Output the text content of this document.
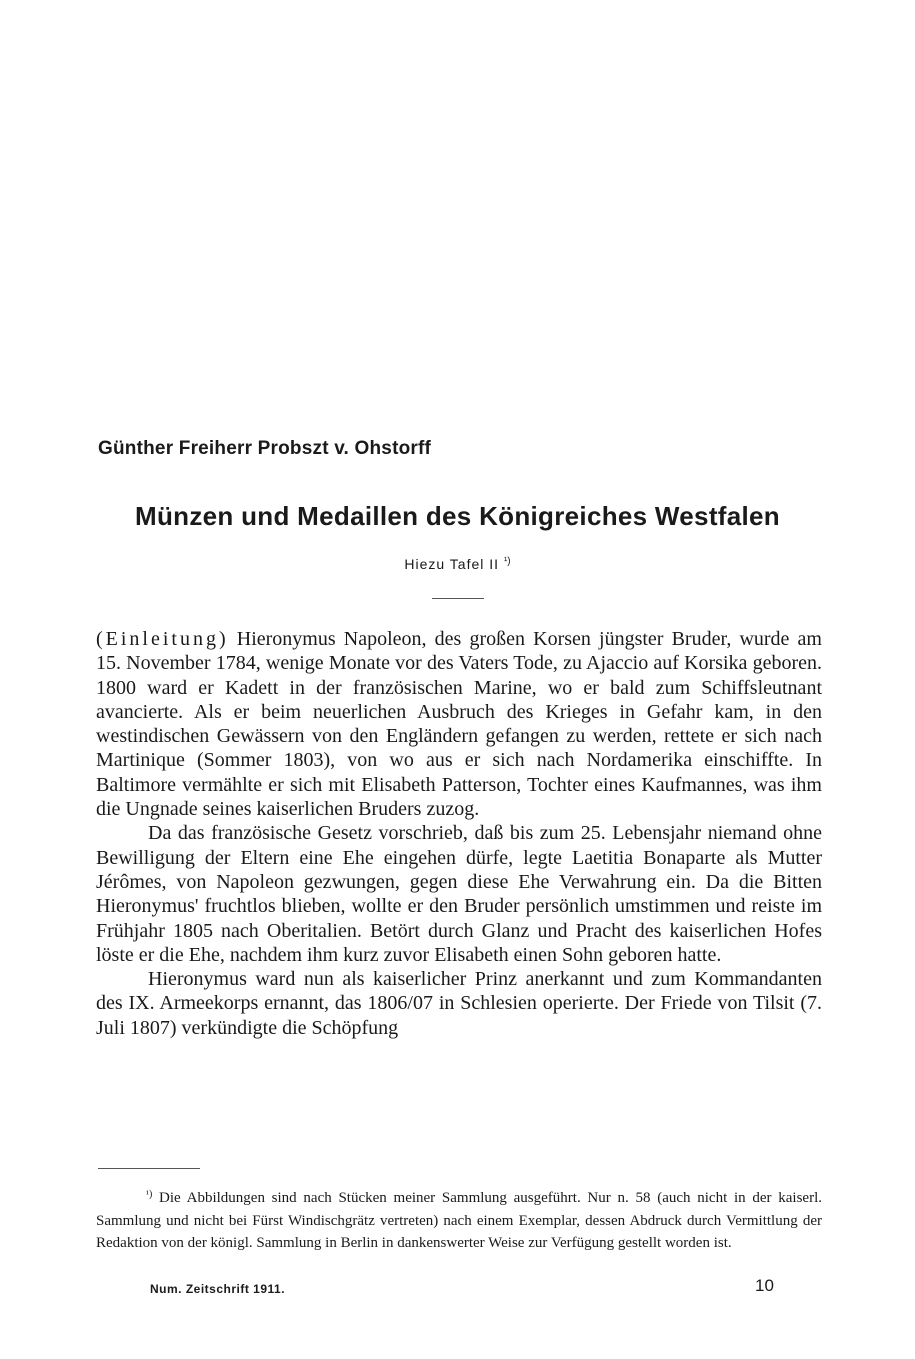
Günther Freiherr Probszt v. Ohstorff
Münzen und Medaillen des Königreiches Westfalen
Hiezu Tafel II $^{^1)}$

(Einleitung) Hieronymus Napoleon, des großen Korsen jüngster Bruder, wurde am 15. November 1784, wenige Monate vor des Vaters Tode, zu Ajaccio auf Korsika geboren. 1800 ward er Kadett in der französischen Marine, wo er bald zum Schiffsleutnant avancierte. Als er beim neuerlichen Ausbruch des Krieges in Gefahr kam, in den westindischen Gewässern von den Engländern gefangen zu werden, rettete er sich nach Martinique (Sommer 1803), von wo aus er sich nach Nordamerika einschiffte. In Baltimore vermählte er sich mit Elisabeth Patterson, Tochter eines Kaufmannes, was ihm die Ungnade seines kaiserlichen Bruders zuzog.

Da das französische Gesetz vorschrieb, daß bis zum 25. Lebensjahr niemand ohne Bewilligung der Eltern eine Ehe eingehen dürfe, legte Laetitia Bonaparte als Mutter Jérômes, von Napoleon gezwungen, gegen diese Ehe Verwahrung ein. Da die Bitten Hieronymus' fruchtlos blieben, wollte er den Bruder persönlich umstimmen und reiste im Frühjahr 1805 nach Oberitalien. Betört durch Glanz und Pracht des kaiserlichen Hofes löste er die Ehe, nachdem ihm kurz zuvor Elisabeth einen Sohn geboren hatte.

Hieronymus ward nun als kaiserlicher Prinz anerkannt und zum Kommandanten des IX. Armeekorps ernannt, das 1806/07 in Schlesien operierte. Der Friede von Tilsit (7. Juli 1807) verkündigte die Schöpfung

$^{^1)}$ Die Abbildungen sind nach Stücken meiner Sammlung ausgeführt. Nur n. 58 (auch nicht in der kaiserl. Sammlung und nicht bei Fürst Windischgrätz vertreten) nach einem Exemplar, dessen Abdruck durch Vermittlung der Redaktion von der königl. Sammlung in Berlin in dankenswerter Weise zur Verfügung gestellt worden ist.

Num. Zeitschrift 1911.	10
